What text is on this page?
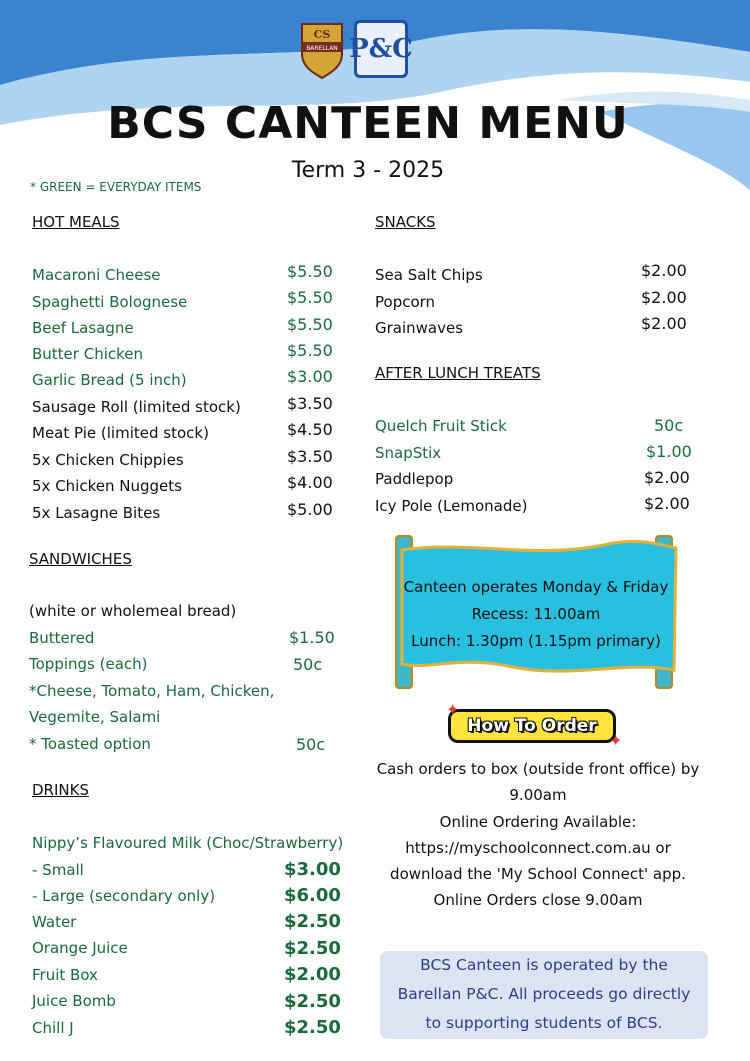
CS
BARELLAN P&C
BCS CANTEEN MENU
Term 3 - 2025
* GREEN = EVERYDAY ITEMS
HOT MEALS
Macaroni Cheese	$5.50
Spaghetti Bolognese	$5.50
Beef Lasagne	$5.50
Butter Chicken	$5.50
Garlic Bread (5 inch)	$3.00
Sausage Roll (limited stock)	$3.50
Meat Pie (limited stock)	$4.50
5x Chicken Chippies	$3.50
5x Chicken Nuggets	$4.00
5x Lasagne Bites	$5.00
SANDWICHES
(white or wholemeal bread)
Buttered	$1.50
Toppings (each)	50c
*Cheese, Tomato, Ham, Chicken,
Vegemite, Salami
* Toasted option	50c
DRINKS
Nippy’s Flavoured Milk (Choc/Strawberry)
- Small	$3.00
- Large (secondary only)	$6.00
Water	$2.50
Orange Juice	$2.50
Fruit Box	$2.00
Juice Bomb	$2.50
Chill J	$2.50
SNACKS
Sea Salt Chips	$2.00
Popcorn	$2.00
Grainwaves	$2.00
AFTER LUNCH TREATS
Quelch Fruit Stick	50c
SnapStix	$1.00
Paddlepop	$2.00
Icy Pole (Lemonade)	$2.00
Canteen operates Monday & Friday
Recess: 11.00am
Lunch: 1.30pm (1.15pm primary)
How To Order
✦
✦
Cash orders to box (outside front office) by
9.00am
Online Ordering Available:
https://myschoolconnect.com.au or
download the 'My School Connect' app.
Online Orders close 9.00am
BCS Canteen is operated by the
Barellan P&C. All proceeds go directly
to supporting students of BCS.
